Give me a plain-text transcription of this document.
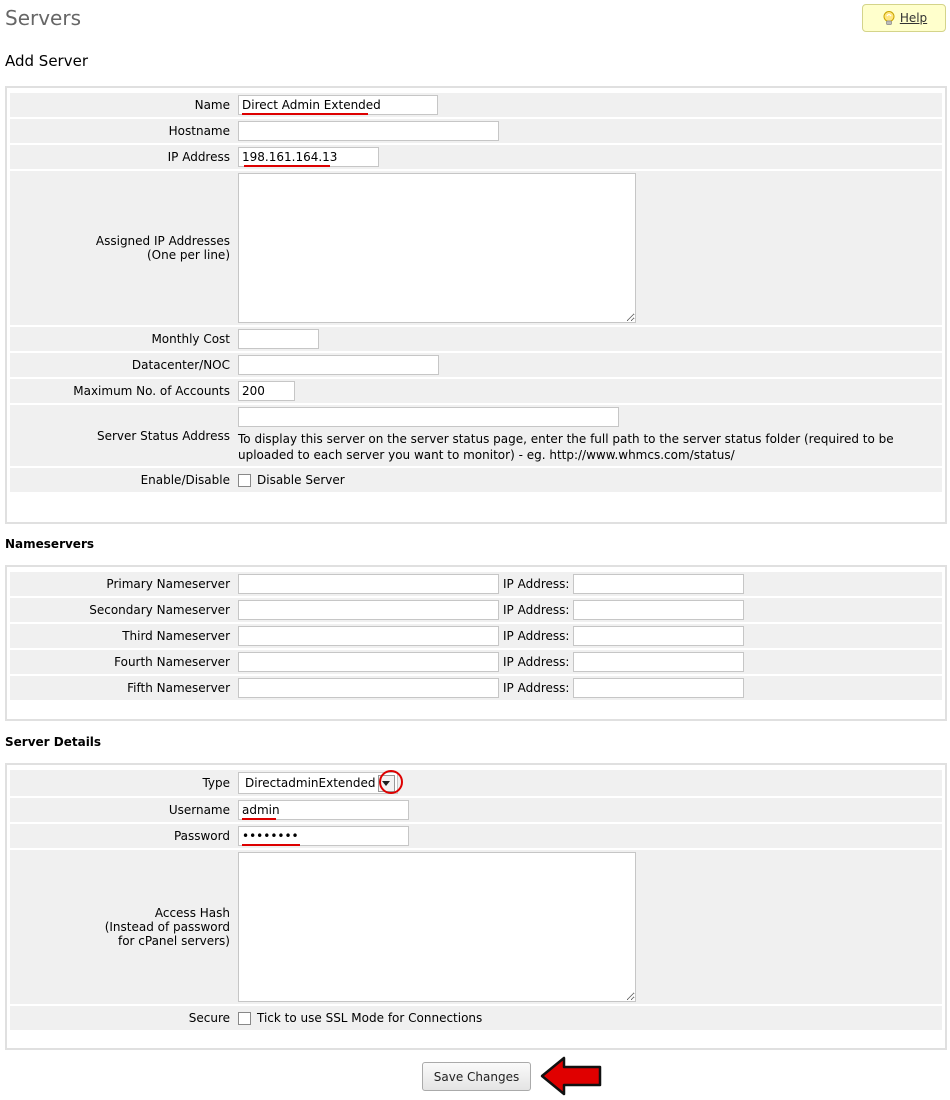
Servers	Help
Add Server
Name	Direct Admin Extended

Hostname	
IP Address	198.161.164.13

Assigned IP Addresses
(One per line)

Monthly Cost	
Datacenter/NOC	
Maximum No. of Accounts	200
Server Status Address	To display this server on the server status page, enter the full path to the server status folder (required to be uploaded to each server you want to monitor) - eg. http://www.whmcs.com/status/

Enable/Disable	Disable Server
Nameservers
Primary Nameserver	IP Address:
Secondary Nameserver	IP Address:
Third Nameserver	IP Address:
Fourth Nameserver	IP Address:
Fifth Nameserver	IP Address:
Server Details
Type	DirectadminExtended

Username	admin

Password	••••••••

Access Hash
(Instead of password
for cPanel servers)

Secure	Tick to use SSL Mode for Connections
Save Changes
